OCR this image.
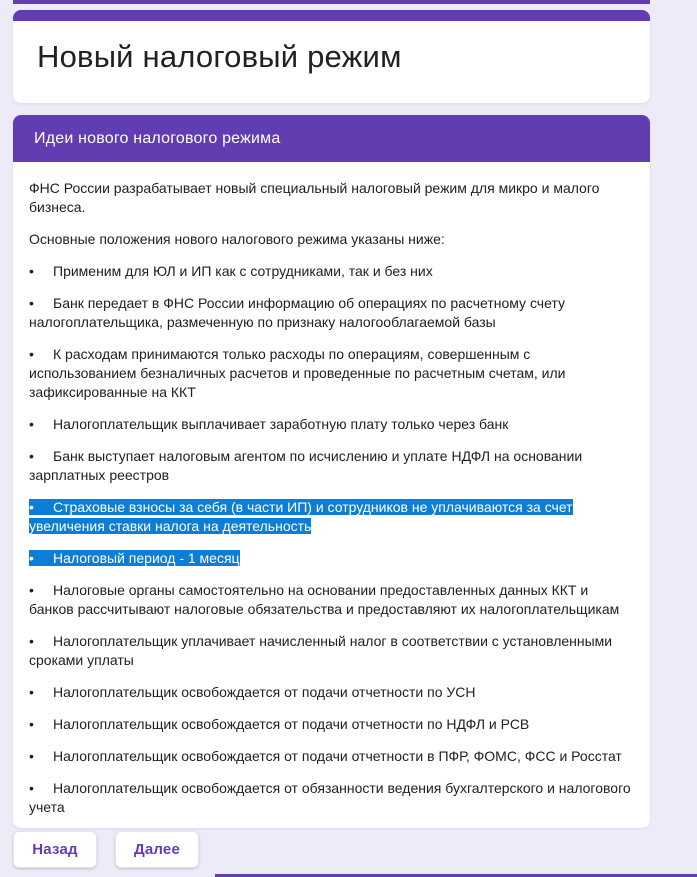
Новый налоговый режим
Идеи нового налогового режима

ФНС России разрабатывает новый специальный налоговый режим для микро и малого бизнеса.

Основные положения нового налогового режима указаны ниже:

• Применим для ЮЛ и ИП как с сотрудниками, так и без них

• Банк передает в ФНС России информацию об операциях по расчетному счету налогоплательщика, размеченную по признаку налогооблагаемой базы

• К расходам принимаются только расходы по операциям, совершенным с использованием безналичных расчетов и проведенные по расчетным счетам, или зафиксированные на ККТ

• Налогоплательщик выплачивает заработную плату только через банк

• Банк выступает налоговым агентом по исчислению и уплате НДФЛ на основании зарплатных реестров

• Страховые взносы за себя (в части ИП) и сотрудников не уплачиваются за счет увеличения ставки налога на деятельность

• Налоговый период - 1 месяц

• Налоговые органы самостоятельно на основании предоставленных данных ККТ и банков рассчитывают налоговые обязательства и предоставляют их налогоплательщикам

• Налогоплательщик уплачивает начисленный налог в соответствии с установленными сроками уплаты

• Налогоплательщик освобождается от подачи отчетности по УСН

• Налогоплательщик освобождается от подачи отчетности по НДФЛ и РСВ

• Налогоплательщик освобождается от подачи отчетности в ПФР, ФОМС, ФСС и Росстат

• Налогоплательщик освобождается от обязанности ведения бухгалтерского и налогового учета

Назад	Далее
